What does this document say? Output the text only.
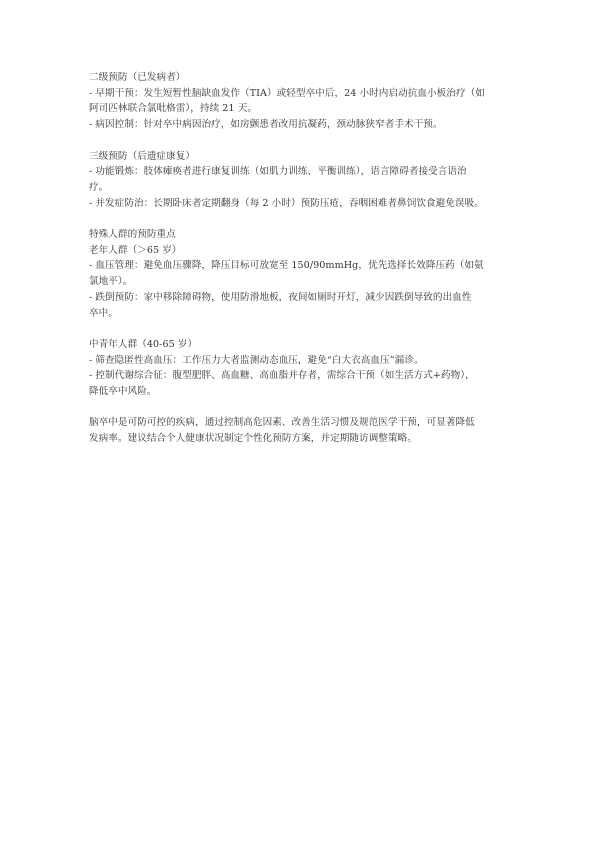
二级预防（已发病者）
- 早期干预：发生短暂性脑缺血发作（TIA）或轻型卒中后，24 小时内启动抗血小板治疗（如
阿司匹林联合氯吡格雷），持续 21 天。
- 病因控制：针对卒中病因治疗，如房颤患者改用抗凝药，颈动脉狭窄者手术干预。
三级预防（后遗症康复）
- 功能锻炼：肢体瘫痪者进行康复训练（如肌力训练、平衡训练），语言障碍者接受言语治
疗。
- 并发症防治：长期卧床者定期翻身（每 2 小时）预防压疮，吞咽困难者鼻饲饮食避免误吸。
特殊人群的预防重点
老年人群（＞65 岁）
- 血压管理：避免血压骤降，降压目标可放宽至 150/90mmHg，优先选择长效降压药（如氨
氯地平）。
- 跌倒预防：家中移除障碍物，使用防滑地板，夜间如厕时开灯，减少因跌倒导致的出血性
卒中。
中青年人群（40-65 岁）
- 筛查隐匿性高血压：工作压力大者监测动态血压，避免“白大衣高血压”漏诊。
- 控制代谢综合征：腹型肥胖、高血糖、高血脂并存者，需综合干预（如生活方式+药物），
降低卒中风险。
脑卒中是可防可控的疾病，通过控制高危因素、改善生活习惯及规范医学干预，可显著降低
发病率。建议结合个人健康状况制定个性化预防方案，并定期随访调整策略。
